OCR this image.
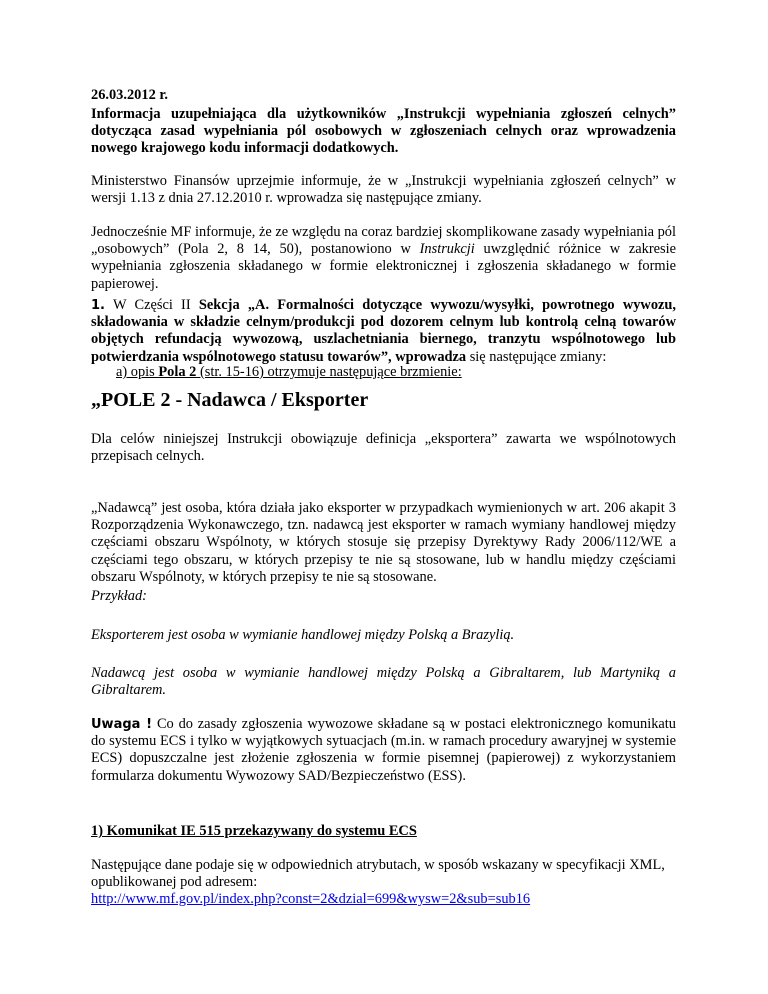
26.03.2012 r.

Informacja uzupełniająca dla użytkowników „Instrukcji wypełniania zgłoszeń celnych” dotycząca zasad wypełniania pól osobowych w zgłoszeniach celnych oraz wprowadzenia nowego krajowego kodu informacji dodatkowych.

Ministerstwo Finansów uprzejmie informuje, że w „Instrukcji wypełniania zgłoszeń celnych” w wersji 1.13 z dnia 27.12.2010 r. wprowadza się następujące zmiany.

Jednocześnie MF informuje, że ze względu na coraz bardziej skomplikowane zasady wypełniania pól „osobowych” (Pola 2, 8 14, 50), postanowiono w Instrukcji uwzględnić różnice w zakresie wypełniania zgłoszenia składanego w formie elektronicznej i zgłoszenia składanego w formie papierowej.

1. W Części II Sekcja „A. Formalności dotyczące wywozu/wysyłki, powrotnego wywozu, składowania w składzie celnym/produkcji pod dozorem celnym lub kontrolą celną towarów objętych refundacją wywozową, uszlachetniania biernego, tranzytu wspólnotowego lub potwierdzania wspólnotowego statusu towarów”, wprowadza się następujące zmiany:

a) opis Pola 2 (str. 15-16) otrzymuje następujące brzmienie:

„POLE 2 - Nadawca / Eksporter

Dla celów niniejszej Instrukcji obowiązuje definicja „eksportera” zawarta we wspólnotowych przepisach celnych.

„Nadawcą” jest osoba, która działa jako eksporter w przypadkach wymienionych w art. 206 akapit 3 Rozporządzenia Wykonawczego, tzn. nadawcą jest eksporter w ramach wymiany handlowej między częściami obszaru Wspólnoty, w których stosuje się przepisy Dyrektywy Rady 2006/112/WE a częściami tego obszaru, w których przepisy te nie są stosowane, lub w handlu między częściami obszaru Wspólnoty, w których przepisy te nie są stosowane.

Przykład:

Eksporterem jest osoba w wymianie handlowej między Polską a Brazylią.

Nadawcą jest osoba w wymianie handlowej między Polską a Gibraltarem, lub Martyniką a Gibraltarem.

Uwaga ! Co do zasady zgłoszenia wywozowe składane są w postaci elektronicznego komunikatu do systemu ECS i tylko w wyjątkowych sytuacjach (m.in. w ramach procedury awaryjnej w systemie ECS) dopuszczalne jest złożenie zgłoszenia w formie pisemnej (papierowej) z wykorzystaniem formularza dokumentu Wywozowy SAD/Bezpieczeństwo (ESS).

1) Komunikat IE 515 przekazywany do systemu ECS

Następujące dane podaje się w odpowiednich atrybutach, w sposób wskazany w specyfikacji XML, opublikowanej pod adresem:
http://www.mf.gov.pl/index.php?const=2&dzial=699&wysw=2&sub=sub16
